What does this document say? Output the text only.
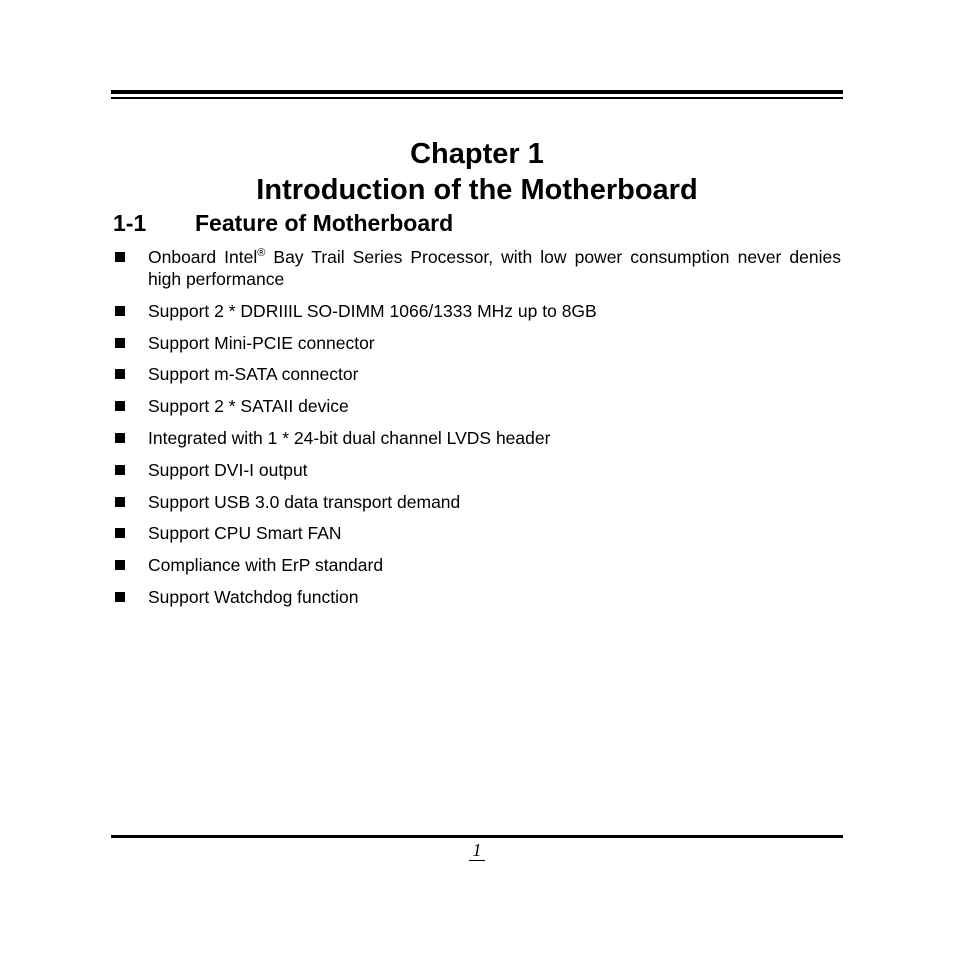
Chapter 1
Introduction of the Motherboard
1-1 Feature of Motherboard
Onboard Intel® Bay Trail Series Processor, with low power consumption never denies high performance
Support 2 * DDRIIIL SO-DIMM 1066/1333 MHz up to 8GB
Support Mini-PCIE connector
Support m-SATA connector
Support 2 * SATAII device
Integrated with 1 * 24-bit dual channel LVDS header
Support DVI-I output
Support USB 3.0 data transport demand
Support CPU Smart FAN
Compliance with ErP standard
Support Watchdog function
1
